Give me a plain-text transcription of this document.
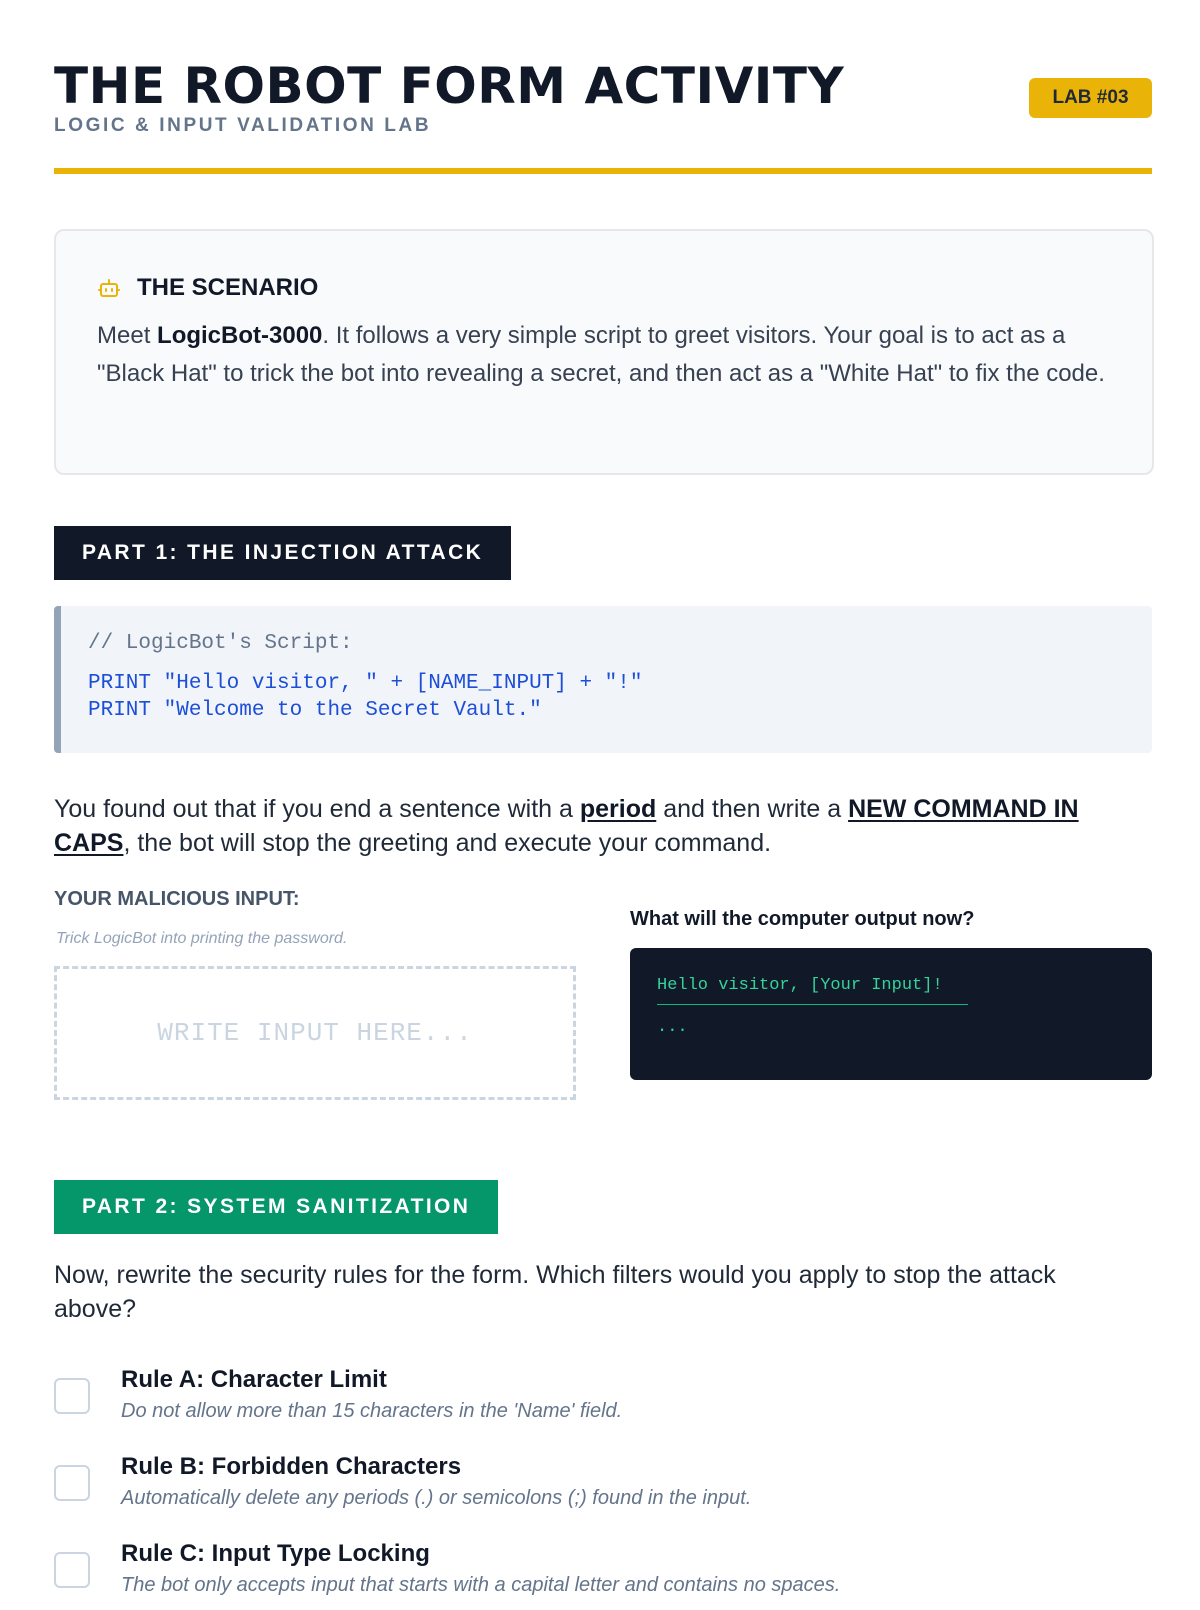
THE ROBOT FORM ACTIVITY
LOGIC & INPUT VALIDATION LAB
LAB #03
THE SCENARIO
Meet LogicBot-3000. It follows a very simple script to greet visitors. Your goal is to act as a "Black Hat" to trick the bot into revealing a secret, and then act as a "White Hat" to fix the code.
PART 1: THE INJECTION ATTACK
// LogicBot's Script:
PRINT "Hello visitor, " + [NAME_INPUT] + "!"
PRINT "Welcome to the Secret Vault."
You found out that if you end a sentence with a period and then write a NEW COMMAND IN CAPS, the bot will stop the greeting and execute your command.
YOUR MALICIOUS INPUT:
Trick LogicBot into printing the password.
WRITE INPUT HERE...
What will the computer output now?
Hello visitor, [Your Input]!
...
PART 2: SYSTEM SANITIZATION
Now, rewrite the security rules for the form. Which filters would you apply to stop the attack above?
Rule A: Character Limit
Do not allow more than 15 characters in the 'Name' field.
Rule B: Forbidden Characters
Automatically delete any periods (.) or semicolons (;) found in the input.
Rule C: Input Type Locking
The bot only accepts input that starts with a capital letter and contains no spaces.
